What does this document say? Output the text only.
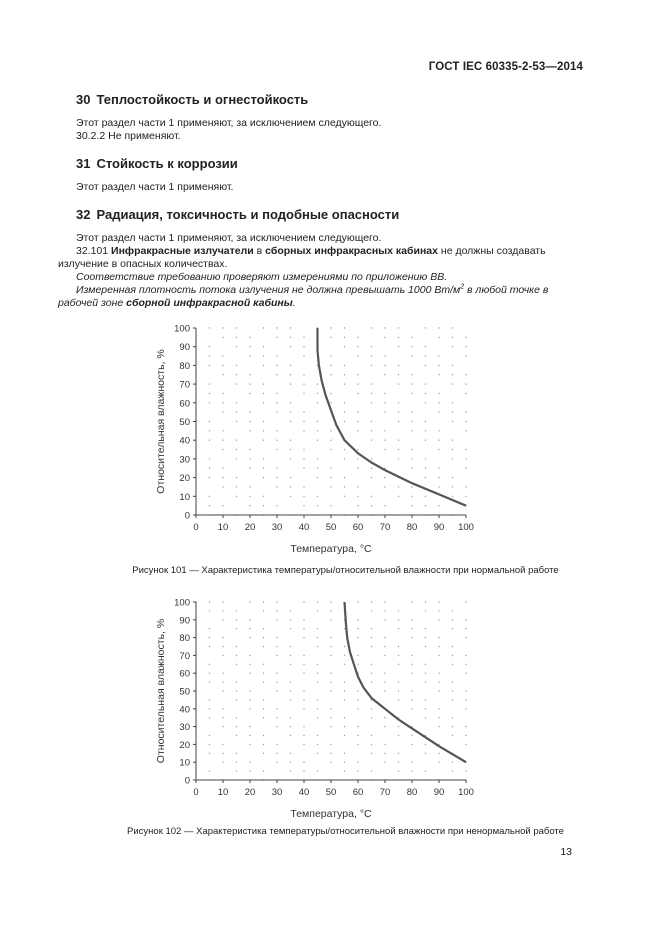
ГОСТ IEC 60335-2-53—2014
30 Теплостойкость и огнестойкость
Этот раздел части 1 применяют, за исключением следующего.
30.2.2 Не применяют.
31 Стойкость к коррозии
Этот раздел части 1 применяют.
32 Радиация, токсичность и подобные опасности
Этот раздел части 1 применяют, за исключением следующего.
32.101 Инфракрасные излучатели в сборных инфракрасных кабинах не должны создавать
излучение в опасных количествах.
Соответствие требованию проверяют измерениями по приложению ВВ.
Измеренная плотность потока излучения не должна превышать 1000 $Вт/м^2$ в любой точке в
рабочей зоне сборной инфракрасной кабины.
0
10
20
30
40
50
60
70
80
90
100
0 10 20 30 40 50 60 70 80 90 100
Температура, °C
Относительная влажность, %
Рисунок 101 — Характеристика температуры/относительной влажности при нормальной работе
0
10
20
30
40
50
60
70
80
90
100
0 10 20 30 40 50 60 70 80 90 100
Температура, °C
Относительная влажность, %
Рисунок 102 — Характеристика температуры/относительной влажности при ненормальной работе
13
